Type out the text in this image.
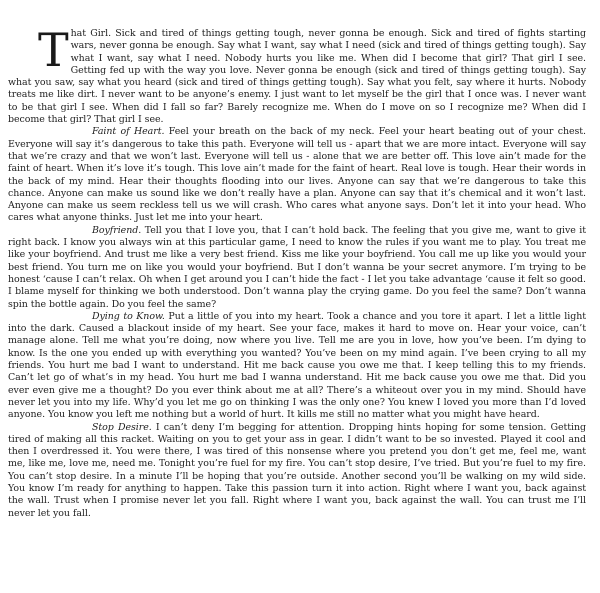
That Girl. Sick and tired of things getting tough, never gonna be enough. Sick and tired of fights starting wars, never gonna be enough. Say what I want, say what I need (sick and tired of things getting tough). Say what I want, say what I need. Nobody hurts you like me. When did I become that girl? That girl I see. Getting fed up with the way you love. Never gonna be enough (sick and tired of things getting tough). Say what you saw, say what you heard (sick and tired of things getting tough). Say what you felt, say where it hurts. Nobody treats me like dirt. I never want to be anyone’s enemy. I just want to let myself be the girl that I once was. I never want to be that girl I see. When did I fall so far? Barely recognize me. When do I move on so I recognize me? When did I become that girl? That girl I see.

Faint of Heart. Feel your breath on the back of my neck. Feel your heart beating out of your chest. Everyone will say it’s dangerous to take this path. Everyone will tell us - apart that we are more intact. Everyone will say that we’re crazy and that we won’t last. Everyone will tell us - alone that we are better off. This love ain’t made for the faint of heart. When it’s love it’s tough. This love ain’t made for the faint of heart. Real love is tough. Hear their words in the back of my mind. Hear their thoughts flooding into our lives. Anyone can say that we’re dangerous to take this chance. Anyone can make us sound like we don’t really have a plan. Anyone can say that it’s chemical and it won’t last. Anyone can make us seem reckless tell us we will crash. Who cares what anyone says. Don’t let it into your head. Who cares what anyone thinks. Just let me into your heart.

Boyfriend. Tell you that I love you, that I can’t hold back. The feeling that you give me, want to give it right back. I know you always win at this particular game, I need to know the rules if you want me to play. You treat me like your boyfriend. And trust me like a very best friend. Kiss me like your boyfriend. You call me up like you would your best friend. You turn me on like you would your boyfriend. But I don’t wanna be your secret anymore. I’m trying to be honest ‘cause I can’t relax. Oh when I get around you I can’t hide the fact - I let you take advantage ‘cause it felt so good. I blame myself for thinking we both understood. Don’t wanna play the crying game. Do you feel the same? Don’t wanna spin the bottle again. Do you feel the same?

Dying to Know. Put a little of you into my heart. Took a chance and you tore it apart. I let a little light into the dark. Caused a blackout inside of my heart. See your face, makes it hard to move on. Hear your voice, can’t manage alone. Tell me what you’re doing, now where you live. Tell me are you in love, how you’ve been. I’m dying to know. Is the one you ended up with everything you wanted? You’ve been on my mind again. I’ve been crying to all my friends. You hurt me bad I want to understand. Hit me back cause you owe me that. I keep telling this to my friends. Can’t let go of what’s in my head. You hurt me bad I wanna understand. Hit me back cause you owe me that. Did you ever even give me a thought? Do you ever think about me at all? There’s a whiteout over you in my mind. Should have never let you into my life. Why’d you let me go on thinking I was the only one? You knew I loved you more than I’d loved anyone. You know you left me nothing but a world of hurt. It kills me still no matter what you might have heard.

Stop Desire. I can’t deny I’m begging for attention. Dropping hints hoping for some tension. Getting tired of making all this racket. Waiting on you to get your ass in gear. I didn’t want to be so invested. Played it cool and then I overdressed it. You were there, I was tired of this nonsense where you pretend you don’t get me, feel me, want me, like me, love me, need me. Tonight you’re fuel for my fire. You can’t stop desire, I’ve tried. But you’re fuel to my fire. You can’t stop desire. In a minute I’ll be hoping that you’re outside. Another second you’ll be walking on my wild side. You know I’m ready for anything to happen. Take this passion turn it into action. Right where I want you, back against the wall. Trust when I promise never let you fall. Right where I want you, back against the wall. You can trust me I’ll never let you fall.
